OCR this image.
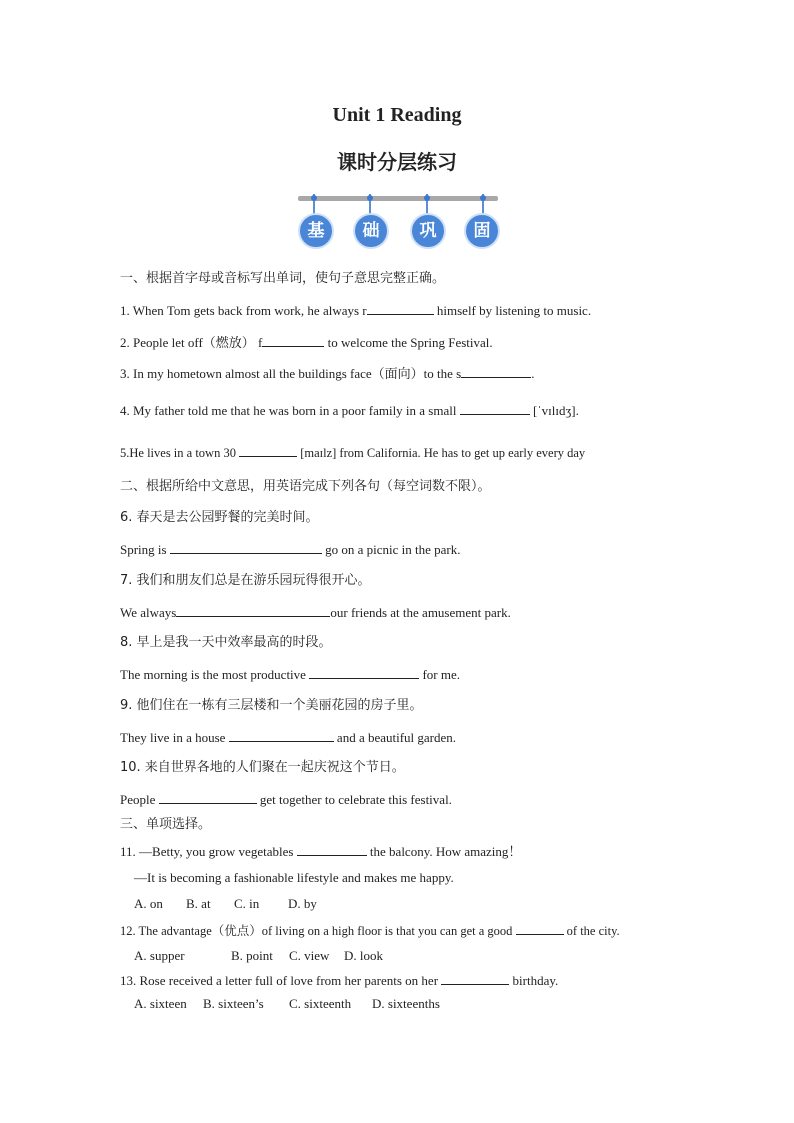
Unit 1 Reading
课时分层练习
基	础	巩	固
一、根据首字母或音标写出单词，使句子意思完整正确。
1. When Tom gets back from work, he always r	himself by listening to music.
2. People let off（燃放） f	to welcome the Spring Festival.
3. In my hometown almost all the buildings face（面向）to the s	.
4. My father told me that he was born in a poor family in a small	[ˈvɪlɪdʒ].
5.He lives in a town 30	[maɪlz] from California. He has to get up early every day
二、根据所给中文意思，用英语完成下列各句（每空词数不限）。
6. 春天是去公园野餐的完美时间。
Spring is	go on a picnic in the park.
7. 我们和朋友们总是在游乐园玩得很开心。
We always	our friends at the amusement park.
8. 早上是我一天中效率最高的时段。
The morning is the most productive	for me.
9. 他们住在一栋有三层楼和一个美丽花园的房子里。
They live in a house	and a beautiful garden.
10. 来自世界各地的人们聚在一起庆祝这个节日。
People	get together to celebrate this festival.
三、单项选择。
11. —Betty, you grow vegetables	the balcony. How amazing！
—It is becoming a fashionable lifestyle and makes me happy.
A. on B. at C. in D. by
12. The advantage（优点）of living on a high floor is that you can get a good	of the city.
A. supper	B. point C. view D. look
13. Rose received a letter full of love from her parents on her	birthday.
A. sixteen B. sixteen’s C. sixteenth D. sixteenths
